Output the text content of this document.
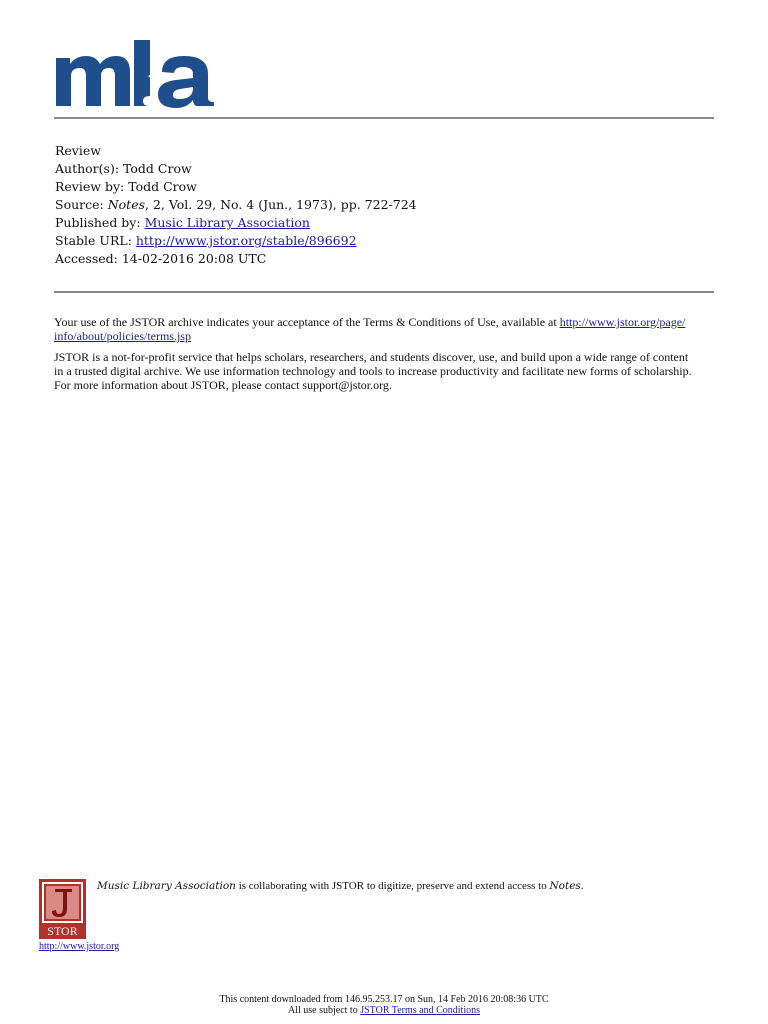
Review
Author(s): Todd Crow
Review by: Todd Crow
Source: Notes, 2, Vol. 29, No. 4 (Jun., 1973), pp. 722-724
Published by: Music Library Association
Stable URL: http://www.jstor.org/stable/896692
Accessed: 14-02-2016 20:08 UTC

Your use of the JSTOR archive indicates your acceptance of the Terms & Conditions of Use, available at http://www.jstor.org/page/
info/about/policies/terms.jsp

JSTOR is a not-for-profit service that helps scholars, researchers, and students discover, use, and build upon a wide range of content
in a trusted digital archive. We use information technology and tools to increase productivity and facilitate new forms of scholarship.
For more information about JSTOR, please contact support@jstor.org.

STOR
http://www.jstor.org
Music Library Association is collaborating with JSTOR to digitize, preserve and extend access to Notes.
This content downloaded from 146.95.253.17 on Sun, 14 Feb 2016 20:08:36 UTC
All use subject to JSTOR Terms and Conditions
